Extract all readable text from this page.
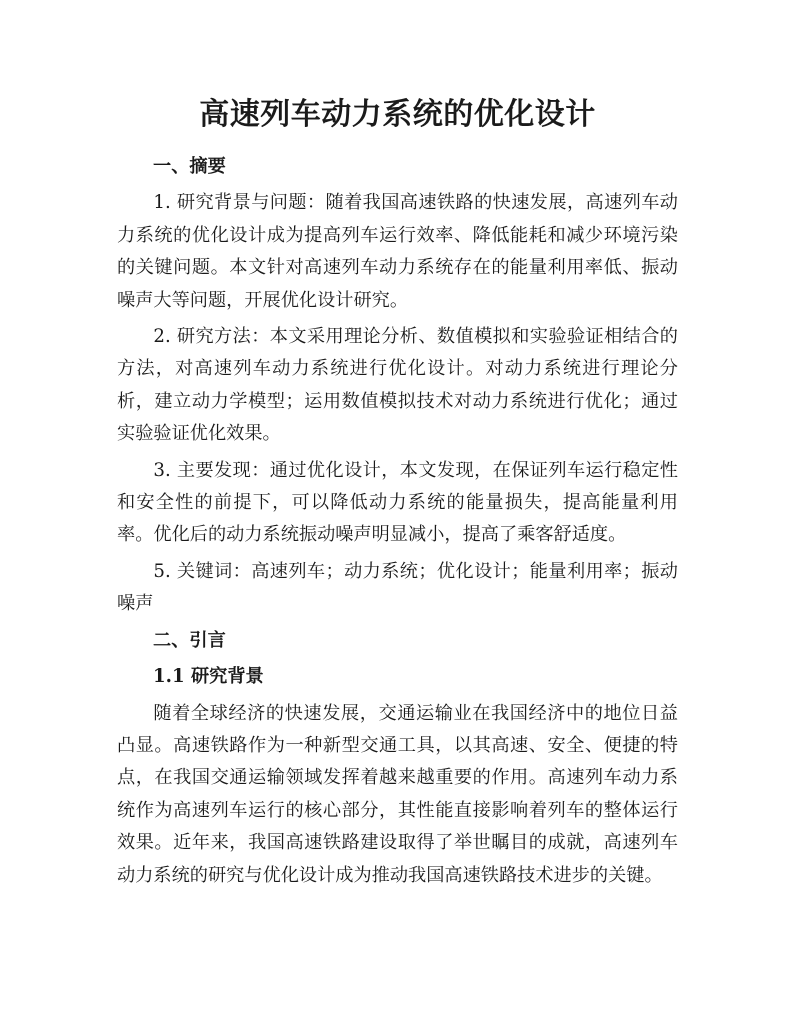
高速列车动力系统的优化设计
一、摘要

1. 研究背景与问题：随着我国高速铁路的快速发展，高速列车动力系统的优化设计成为提高列车运行效率、降低能耗和减少环境污染的关键问题。本文针对高速列车动力系统存在的能量利用率低、振动噪声大等问题，开展优化设计研究。

2. 研究方法：本文采用理论分析、数值模拟和实验验证相结合的方法，对高速列车动力系统进行优化设计。对动力系统进行理论分析，建立动力学模型；运用数值模拟技术对动力系统进行优化；通过实验验证优化效果。

3. 主要发现：通过优化设计，本文发现，在保证列车运行稳定性和安全性的前提下，可以降低动力系统的能量损失，提高能量利用率。优化后的动力系统振动噪声明显减小，提高了乘客舒适度。

5. 关键词：高速列车；动力系统；优化设计；能量利用率；振动噪声

二、引言
1.1 研究背景

随着全球经济的快速发展，交通运输业在我国经济中的地位日益凸显。高速铁路作为一种新型交通工具，以其高速、安全、便捷的特点，在我国交通运输领域发挥着越来越重要的作用。高速列车动力系统作为高速列车运行的核心部分，其性能直接影响着列车的整体运行效果。近年来，我国高速铁路建设取得了举世瞩目的成就，高速列车动力系统的研究与优化设计成为推动我国高速铁路技术进步的关键。
